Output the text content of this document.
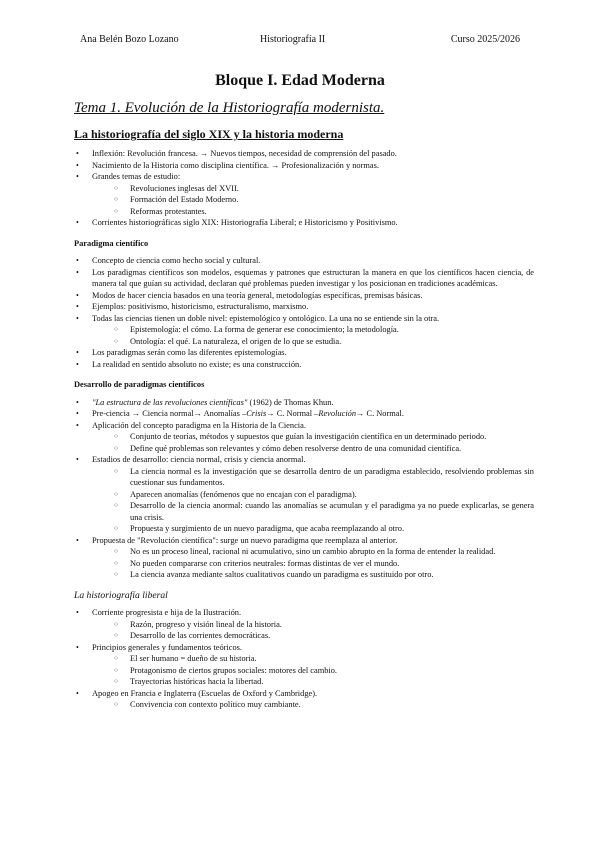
Ana Belén Bozo Lozano	Historiografía II	Curso 2025/2026
Bloque I. Edad Moderna
Tema 1. Evolución de la Historiografía modernista.
La historiografía del siglo XIX y la historia moderna
• Inflexión: Revolución francesa. → Nuevos tiempos, necesidad de comprensión del pasado.
• Nacimiento de la Historia como disciplina científica. → Profesionalización y normas.
• Grandes temas de estudio:
○ Revoluciones inglesas del XVII.
○ Formación del Estado Moderno.
○ Reformas protestantes.
• Corrientes historiográficas siglo XIX: Historiografía Liberal; e Historicismo y Positivismo.
Paradigma científico
• Concepto de ciencia como hecho social y cultural.
• Los paradigmas científicos son modelos, esquemas y patrones que estructuran la manera en que los científicos hacen ciencia, de manera tal que guían su actividad, declaran qué problemas pueden investigar y los posicionan en tradiciones académicas.
• Modos de hacer ciencia basados en una teoría general, metodologías específicas, premisas básicas.
• Ejemplos: positivismo, historicismo, estructuralismo, marxismo.
• Todas las ciencias tienen un doble nivel: epistemológico y ontológico. La una no se entiende sin la otra.
○ Epistemología: el cómo. La forma de generar ese conocimiento; la metodología.
○ Ontología: el qué. La naturaleza, el origen de lo que se estudia.
• Los paradigmas serán como las diferentes epistemologías.
• La realidad en sentido absoluto no existe; es una construcción.
Desarrollo de paradigmas científicos
• "La estructura de las revoluciones científicas" (1962) de Thomas Khun.
• Pre-ciencia → Ciencia normal→ Anomalías –Crisis→ C. Normal –Revolución→ C. Normal.
• Aplicación del concepto paradigma en la Historia de la Ciencia.
○ Conjunto de teorías, métodos y supuestos que guían la investigación científica en un determinado periodo.
○ Define qué problemas son relevantes y cómo deben resolverse dentro de una comunidad científica.
• Estadios de desarrollo: ciencia normal, crisis y ciencia anormal.
○ La ciencia normal es la investigación que se desarrolla dentro de un paradigma establecido, resolviendo problemas sin cuestionar sus fundamentos.
○ Aparecen anomalías (fenómenos que no encajan con el paradigma).
○ Desarrollo de la ciencia anormal: cuando las anomalías se acumulan y el paradigma ya no puede explicarlas, se genera una crisis.
○ Propuesta y surgimiento de un nuevo paradigma, que acaba reemplazando al otro.
• Propuesta de "Revolución científica": surge un nuevo paradigma que reemplaza al anterior.
○ No es un proceso lineal, racional ni acumulativo, sino un cambio abrupto en la forma de entender la realidad.
○ No pueden compararse con criterios neutrales: formas distintas de ver el mundo.
○ La ciencia avanza mediante saltos cualitativos cuando un paradigma es sustituido por otro.
La historiografía liberal
• Corriente progresista e hija de la Ilustración.
○ Razón, progreso y visión lineal de la historia.
○ Desarrollo de las corrientes democráticas.
• Principios generales y fundamentos teóricos.
○ El ser humano = dueño de su historia.
○ Protagonismo de ciertos grupos sociales: motores del cambio.
○ Trayectorias históricas hacia la libertad.
• Apogeo en Francia e Inglaterra (Escuelas de Oxford y Cambridge).
○ Convivencia con contexto político muy cambiante.
